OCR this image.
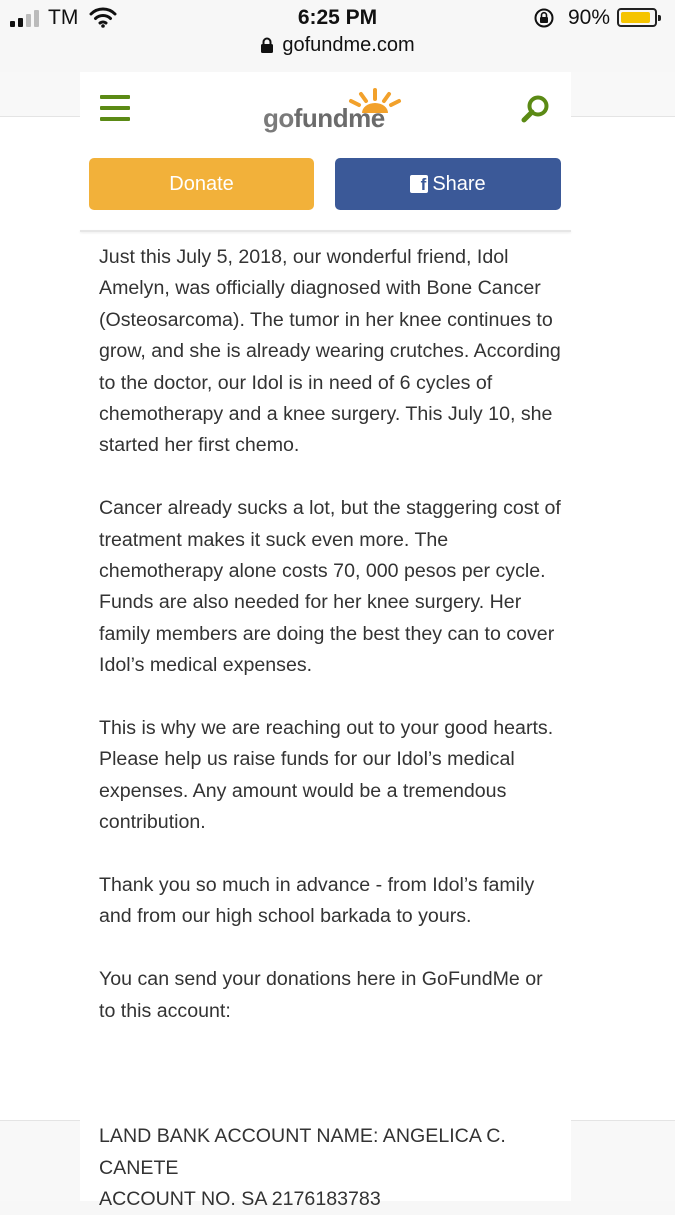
TM	6:25 PM	90%
gofundme.com
gofundme
Donate	f Share

Just this July 5, 2018, our wonderful friend, Idol Amelyn, was officially diagnosed with Bone Cancer (Osteosarcoma). The tumor in her knee continues to grow, and she is already wearing crutches. According to the doctor, our Idol is in need of 6 cycles of chemotherapy and a knee surgery. This July 10, she started her first chemo.

Cancer already sucks a lot, but the staggering cost of treatment makes it suck even more. The chemotherapy alone costs 70, 000 pesos per cycle. Funds are also needed for her knee surgery. Her family members are doing the best they can to cover Idol’s medical expenses.

This is why we are reaching out to your good hearts. Please help us raise funds for our Idol’s medical expenses. Any amount would be a tremendous contribution.

Thank you so much in advance - from Idol’s family and from our high school barkada to yours.

You can send your donations here in GoFundMe or to this account:

LAND BANK ACCOUNT NAME: ANGELICA C. CANETE
ACCOUNT NO. SA 2176183783
